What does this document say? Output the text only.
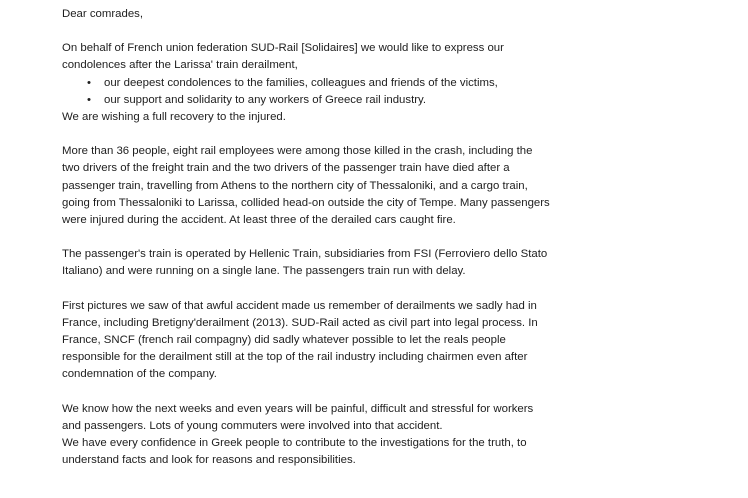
Dear comrades,

On behalf of French union federation SUD-Rail [Solidaires] we would like to express our

condolences after the Larissa' train derailment,

• our deepest condolences to the families, colleagues and friends of the victims,
• our support and solidarity to any workers of Greece rail industry.

We are wishing a full recovery to the injured.

More than 36 people, eight rail employees were among those killed in the crash, including the

two drivers of the freight train and the two drivers of the passenger train have died after a

passenger train, travelling from Athens to the northern city of Thessaloniki, and a cargo train,

going from Thessaloniki to Larissa, collided head-on outside the city of Tempe. Many passengers

were injured during the accident. At least three of the derailed cars caught fire.

The passenger's train is operated by Hellenic Train, subsidiaries from FSI (Ferroviero dello Stato

Italiano) and were running on a single lane. The passengers train run with delay.

First pictures we saw of that awful accident made us remember of derailments we sadly had in

France, including Bretigny'derailment (2013). SUD-Rail acted as civil part into legal process. In

France, SNCF (french rail compagny) did sadly whatever possible to let the reals people

responsible for the derailment still at the top of the rail industry including chairmen even after

condemnation of the company.

We know how the next weeks and even years will be painful, difficult and stressful for workers

and passengers. Lots of young commuters were involved into that accident.

We have every confidence in Greek people to contribute to the investigations for the truth, to

understand facts and look for reasons and responsibilities.
